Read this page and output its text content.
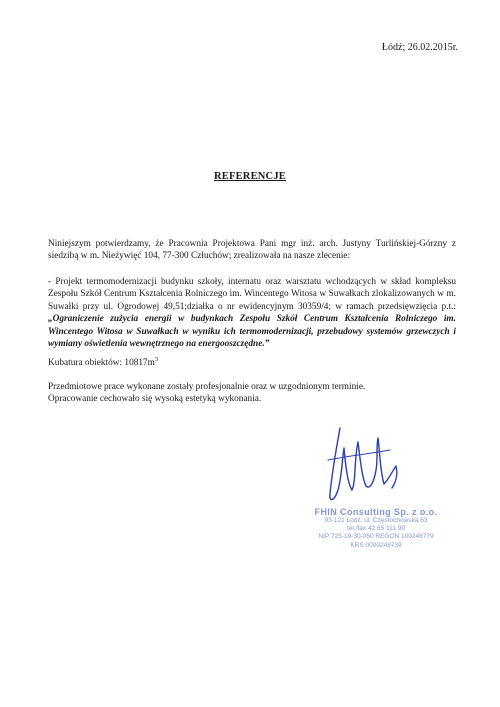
Łódź; 26.02.2015r.
REFERENCJE
Niniejszym potwierdzamy, że Pracownia Projektowa Pani mgr inż. arch. Justyny Turlińskiej-Górzny z siedzibą w m. Nieżywięć 104, 77-300 Człuchów; zrealizowała na nasze zlecenie:
- Projekt termomodernizacji budynku szkoły, internatu oraz warsztatu wchodzących w skład kompleksu Zespołu Szkół Centrum Kształcenia Rolniczego im. Wincentego Witosa w Suwałkach zlokalizowanych w m. Suwałki przy ul. Ogrodowej 49,51;działka o nr ewidencyjnym 30359/4; w ramach przedsięwzięcia p.t.: „Ograniczenie zużycia energii w budynkach Zespołu Szkół Centrum Kształcenia Rolniczego im. Wincentego Witosa w Suwałkach w wyniku ich termomodernizacji, przebudowy systemów grzewczych i wymiany oświetlenia wewnętrznego na energooszczędne.”
Kubatura obiektów: $10817m^3$
Przedmiotowe prace wykonane zostały profesjonalnie oraz w uzgodnionym terminie.
Opracowanie cechowało się wysoką estetyką wykonania.
FHIN Consulting Sp. z o.o.
93-121 Łódź, ul. Częstochowska 63
tel./fax 42 65 111 99
NIP 725-19-30-050 REGON 100246779
KRS 0000248739
